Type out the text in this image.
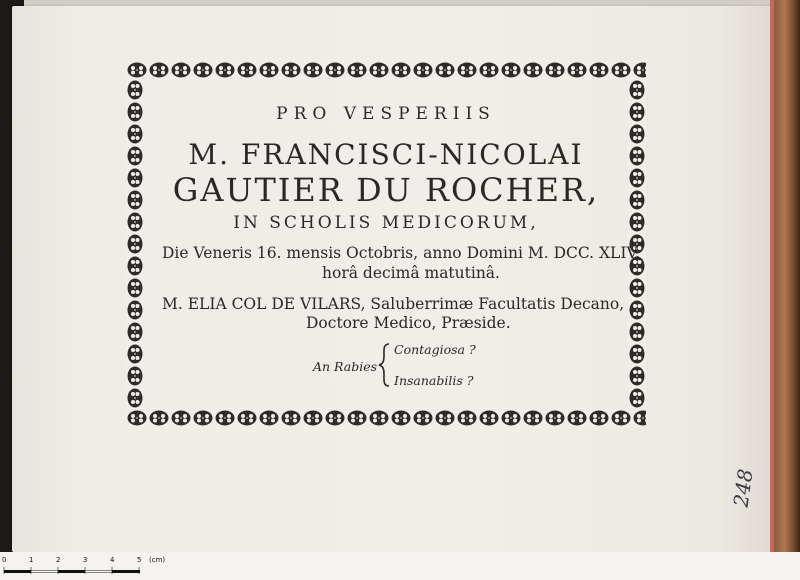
PRO VESPERIIS
M. FRANCISCI-NICOLAI
GAUTIER DU ROCHER,
IN SCHOLIS MEDICORUM,
Die Veneris 16. mensis Octobris, anno Domini M. DCC. XLIV.
horâ decimâ matutinâ.
M. ELIA COL DE VILARS, Saluberrimæ Facultatis Decano,
Doctore Medico, Præside.
Contagiosa ?
An Rabies
Insanabilis ?
248
0	1	2	3	4	5 (cm)
